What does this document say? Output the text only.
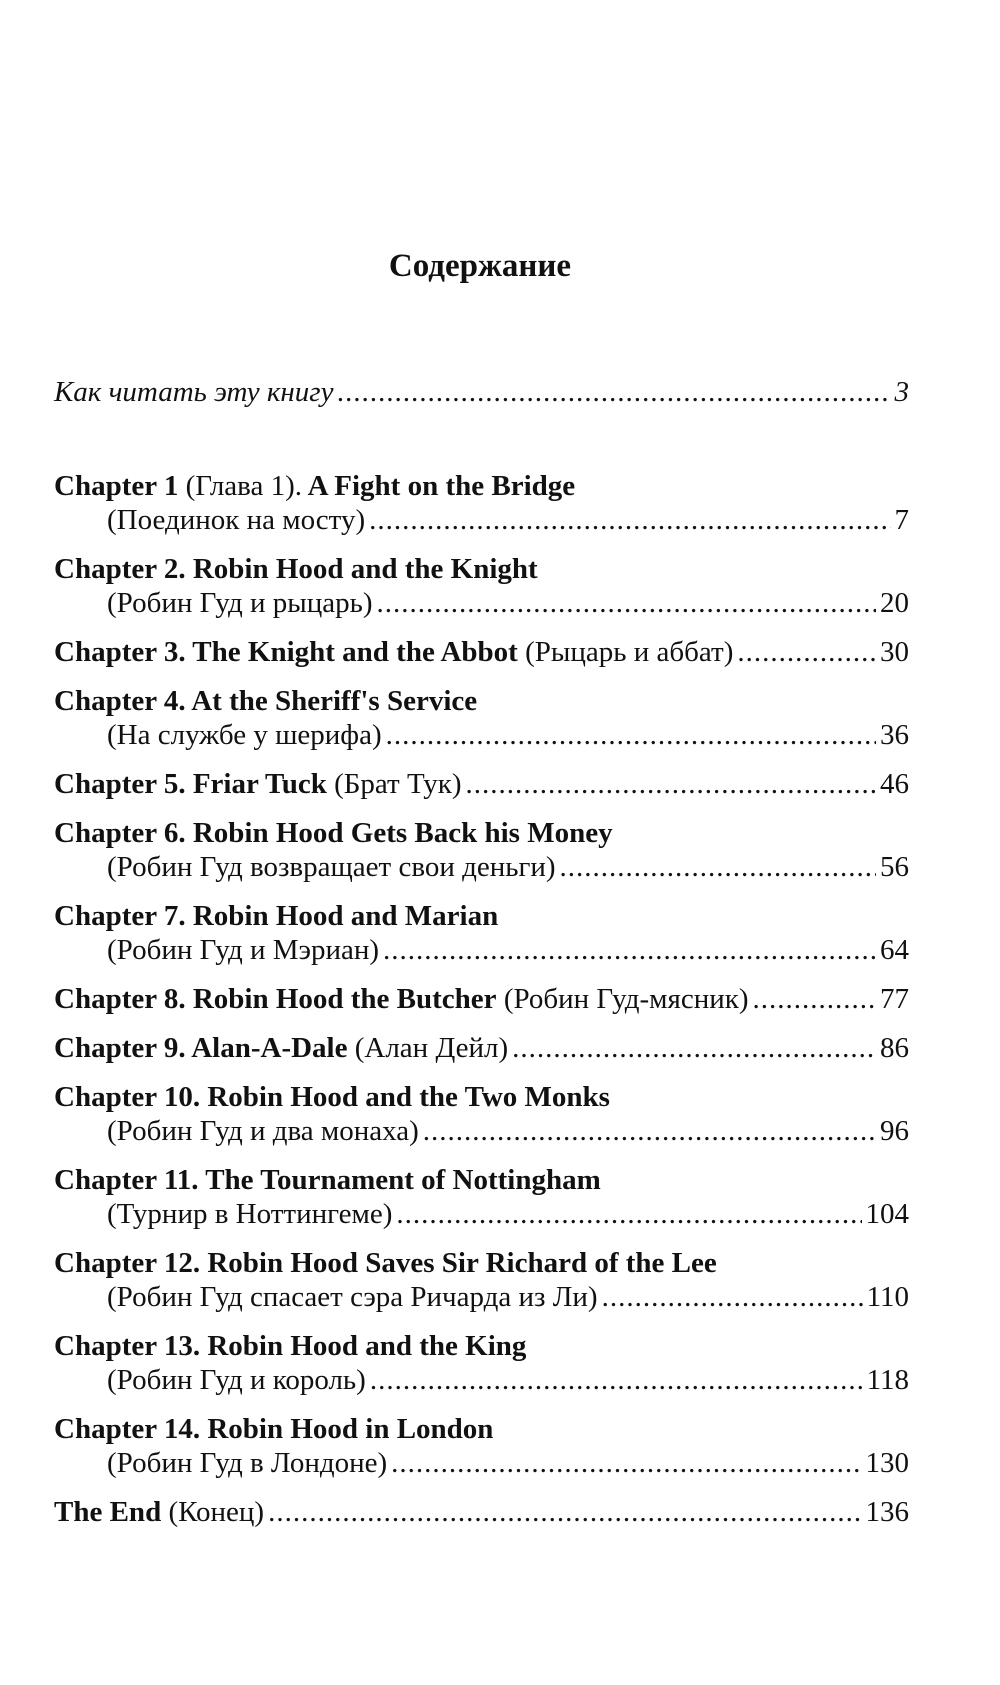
Содержание
Как читать эту книгу .....	3
Chapter 1 (Глава 1). A Fight on the Bridge
(Поединок на мосту) .....	7
Chapter 2. Robin Hood and the Knight
(Робин Гуд и рыцарь) .....	20
Chapter 3. The Knight and the Abbot (Рыцарь и аббат) .....	30
Chapter 4. At the Sheriff's Service
(На службе у шерифа) .....	36
Chapter 5. Friar Tuck (Брат Тук) .....	46
Chapter 6. Robin Hood Gets Back his Money
(Робин Гуд возвращает свои деньги) .....	56
Chapter 7. Robin Hood and Marian
(Робин Гуд и Мэриан) .....	64
Chapter 8. Robin Hood the Butcher (Робин Гуд-мясник) .....	77
Chapter 9. Alan-A-Dale (Алан Дейл) .....	86
Chapter 10. Robin Hood and the Two Monks
(Робин Гуд и два монаха) .....	96
Chapter 11. The Tournament of Nottingham
(Турнир в Ноттингеме) .....	104
Chapter 12. Robin Hood Saves Sir Richard of the Lee
(Робин Гуд спасает сэра Ричарда из Ли) .....	110
Chapter 13. Robin Hood and the King
(Робин Гуд и король) .....	118
Chapter 14. Robin Hood in London
(Робин Гуд в Лондоне) .....	130
The End (Конец) .....	136
